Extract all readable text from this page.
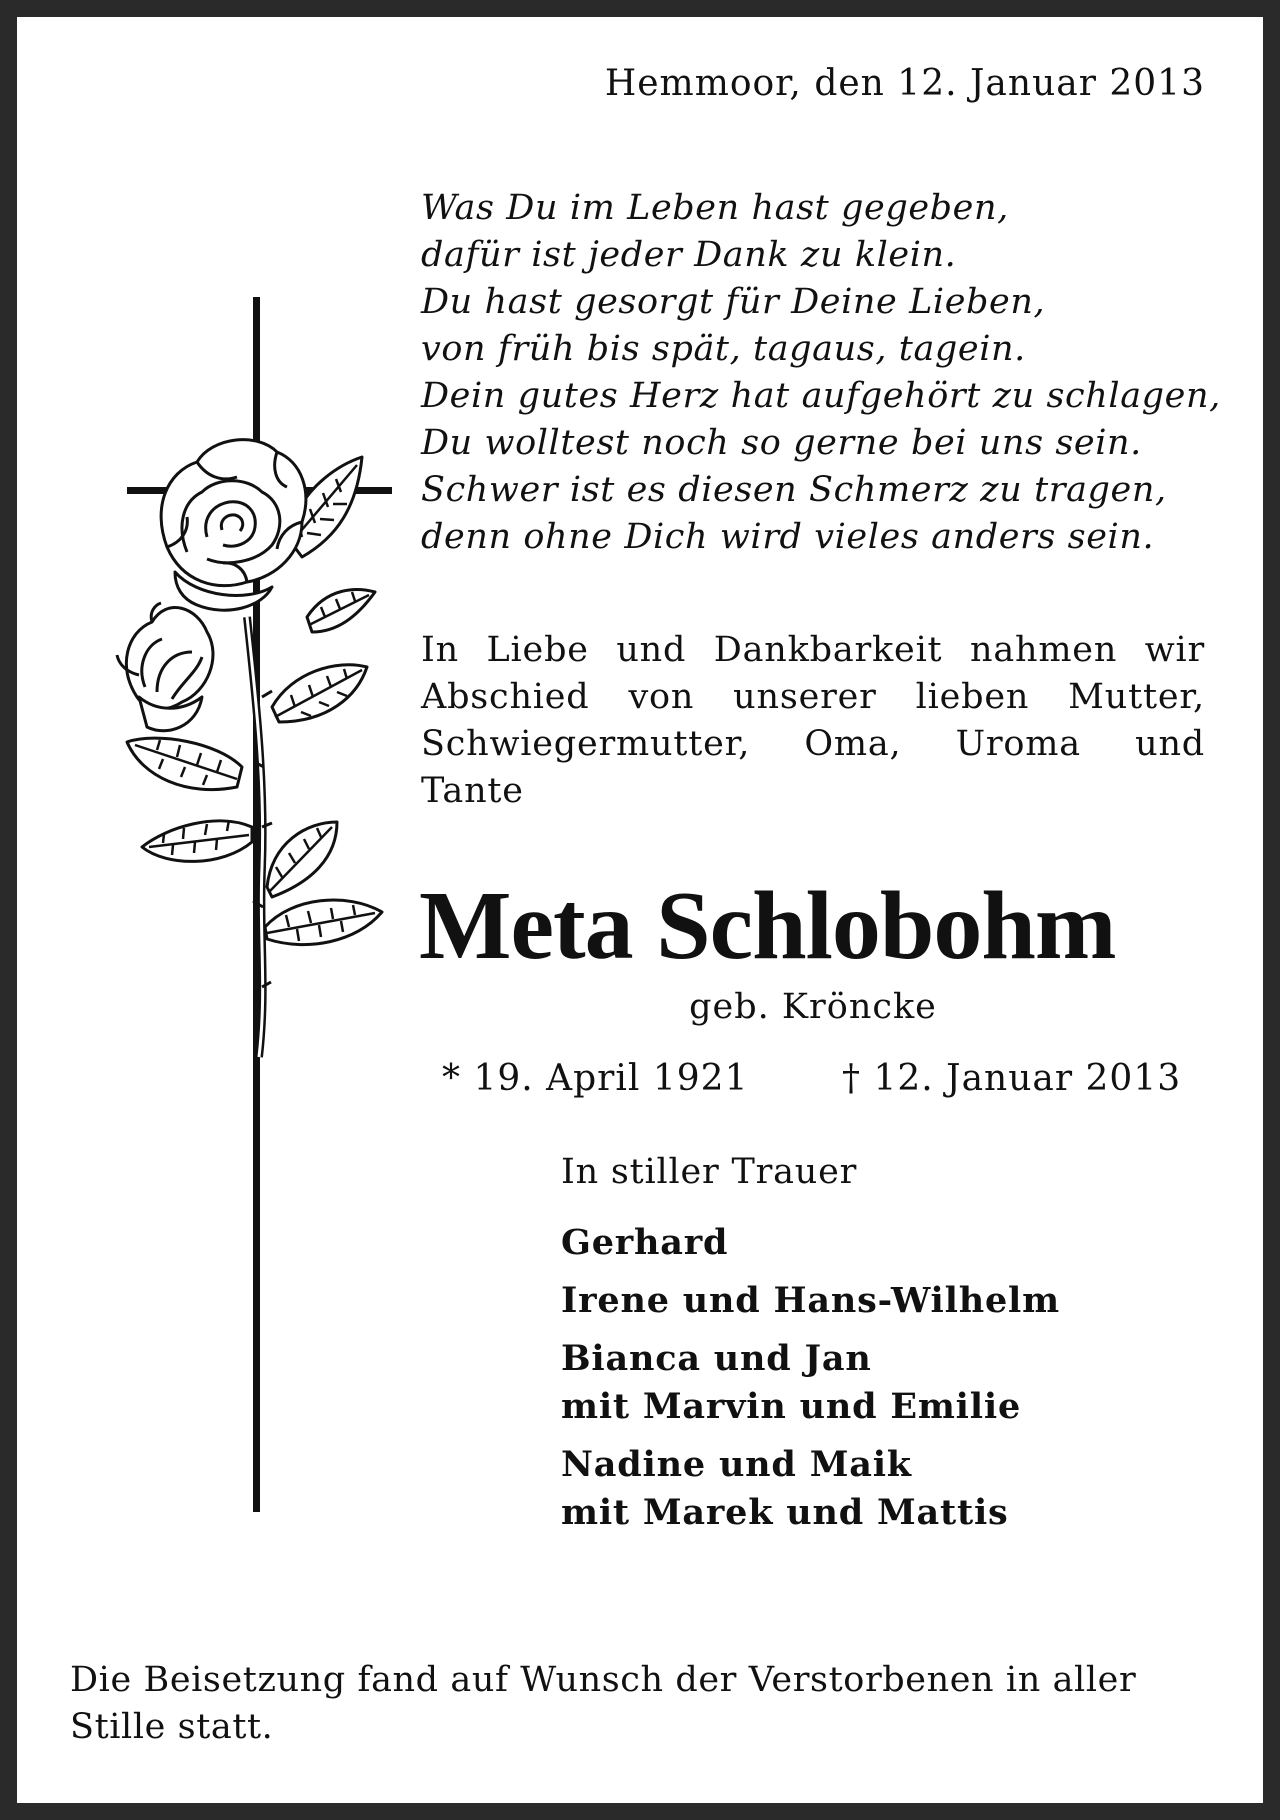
Hemmoor, den 12. Januar 2013
Was Du im Leben hast gegeben,
dafür ist jeder Dank zu klein.
Du hast gesorgt für Deine Lieben,
von früh bis spät, tagaus, tagein.
Dein gutes Herz hat aufgehört zu schlagen,
Du wolltest noch so gerne bei uns sein.
Schwer ist es diesen Schmerz zu tragen,
denn ohne Dich wird vieles anders sein.
In Liebe und Dankbarkeit nahmen wir Abschied von unserer lieben Mutter, Schwiegermutter, Oma, Uroma und Tante
Meta Schlobohm
geb. Kröncke
* 19. April 1921	† 12. Januar 2013
In stiller Trauer
Gerhard
Irene und Hans-Wilhelm
Bianca und Jan
mit Marvin und Emilie
Nadine und Maik
mit Marek und Mattis
Die Beisetzung fand auf Wunsch der Verstorbenen in aller Stille statt.
